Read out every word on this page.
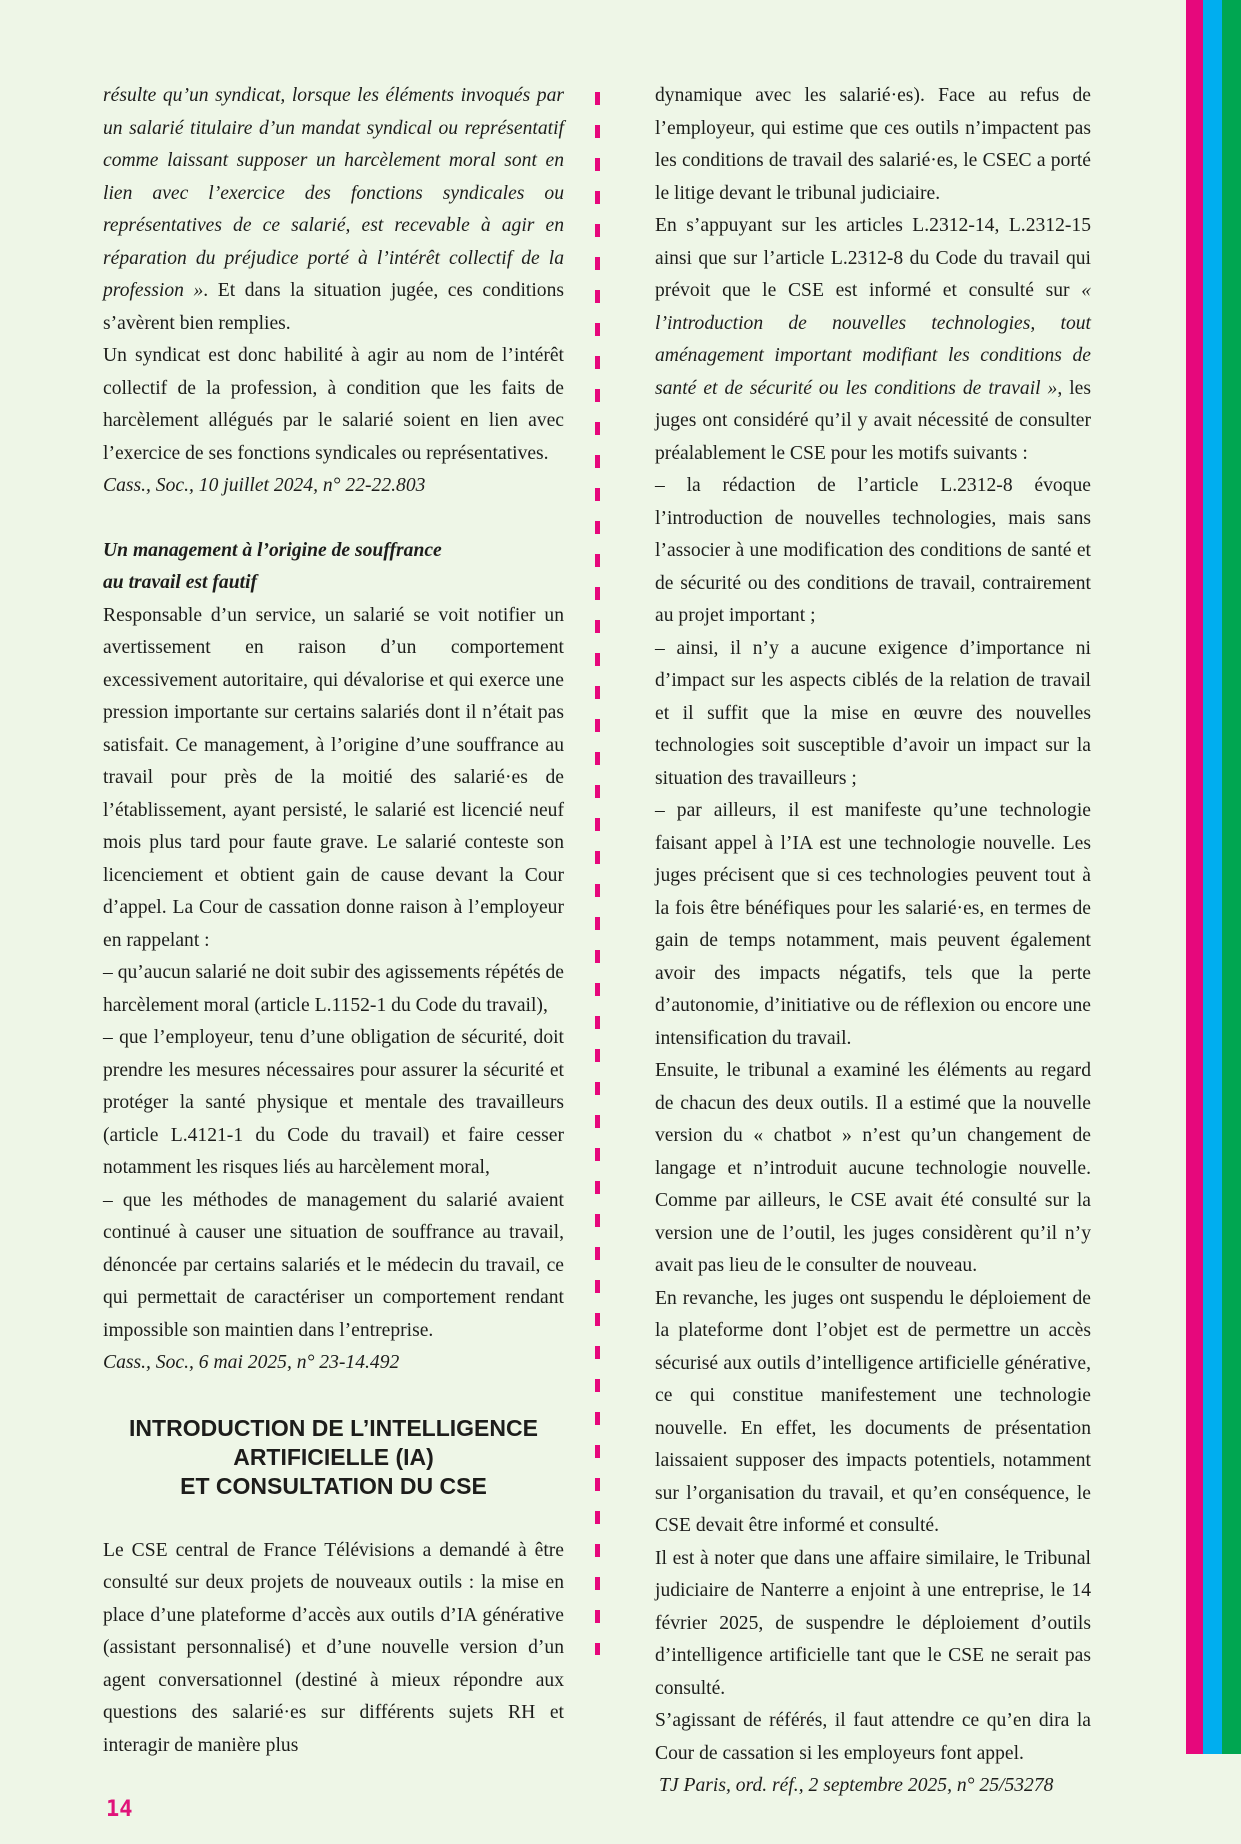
résulte qu’un syndicat, lorsque les éléments invoqués par un salarié titulaire d’un mandat syndical ou représentatif comme laissant supposer un harcèlement moral sont en lien avec l’exercice des fonctions syndicales ou représentatives de ce salarié, est recevable à agir en réparation du préjudice porté à l’intérêt collectif de la profession ». Et dans la situation jugée, ces conditions s’avèrent bien remplies.
Un syndicat est donc habilité à agir au nom de l’intérêt collectif de la profession, à condition que les faits de harcèlement allégués par le salarié soient en lien avec l’exercice de ses fonctions syndicales ou représentatives.
Cass., Soc., 10 juillet 2024, n° 22-22.803
Un management à l’origine de souffrance
au travail est fautif
Responsable d’un service, un salarié se voit notifier un avertissement en raison d’un comportement excessivement autoritaire, qui dévalorise et qui exerce une pression importante sur certains salariés dont il n’était pas satisfait. Ce management, à l’origine d’une souffrance au travail pour près de la moitié des salarié·es de l’établissement, ayant persisté, le salarié est licencié neuf mois plus tard pour faute grave. Le salarié conteste son licenciement et obtient gain de cause devant la Cour d’appel. La Cour de cassation donne raison à l’employeur en rappelant :
– qu’aucun salarié ne doit subir des agissements répétés de harcèlement moral (article L.1152-1 du Code du travail),
– que l’employeur, tenu d’une obligation de sécurité, doit prendre les mesures nécessaires pour assurer la sécurité et protéger la santé physique et mentale des travailleurs (article L.4121-1 du Code du travail) et faire cesser notamment les risques liés au harcèlement moral,
– que les méthodes de management du salarié avaient continué à causer une situation de souffrance au travail, dénoncée par certains salariés et le médecin du travail, ce qui permettait de caractériser un comportement rendant impossible son maintien dans l’entreprise.
Cass., Soc., 6 mai 2025, n° 23-14.492
INTRODUCTION DE L’INTELLIGENCE
ARTIFICIELLE (IA)
ET CONSULTATION DU CSE
Le CSE central de France Télévisions a demandé à être consulté sur deux projets de nouveaux outils : la mise en place d’une plateforme d’accès aux outils d’IA générative (assistant personnalisé) et d’une nouvelle version d’un agent conversationnel (destiné à mieux répondre aux questions des salarié·es sur différents sujets RH et interagir de manière plus
14
dynamique avec les salarié·es). Face au refus de l’employeur, qui estime que ces outils n’impactent pas les conditions de travail des salarié·es, le CSEC a porté le litige devant le tribunal judiciaire.
En s’appuyant sur les articles L.2312-14, L.2312-15 ainsi que sur l’article L.2312-8 du Code du travail qui prévoit que le CSE est informé et consulté sur « l’introduction de nouvelles technologies, tout aménagement important modifiant les conditions de santé et de sécurité ou les conditions de travail », les juges ont considéré qu’il y avait nécessité de consulter préalablement le CSE pour les motifs suivants :
– la rédaction de l’article L.2312-8 évoque l’introduction de nouvelles technologies, mais sans l’associer à une modification des conditions de santé et de sécurité ou des conditions de travail, contrairement au projet important ;
– ainsi, il n’y a aucune exigence d’importance ni d’impact sur les aspects ciblés de la relation de travail et il suffit que la mise en œuvre des nouvelles technologies soit susceptible d’avoir un impact sur la situation des travailleurs ;
– par ailleurs, il est manifeste qu’une technologie faisant appel à l’IA est une technologie nouvelle. Les juges précisent que si ces technologies peuvent tout à la fois être bénéfiques pour les salarié·es, en termes de gain de temps notamment, mais peuvent également avoir des impacts négatifs, tels que la perte d’autonomie, d’initiative ou de réflexion ou encore une intensification du travail.
Ensuite, le tribunal a examiné les éléments au regard de chacun des deux outils. Il a estimé que la nouvelle version du « chatbot » n’est qu’un changement de langage et n’introduit aucune technologie nouvelle. Comme par ailleurs, le CSE avait été consulté sur la version une de l’outil, les juges considèrent qu’il n’y avait pas lieu de le consulter de nouveau.
En revanche, les juges ont suspendu le déploiement de la plateforme dont l’objet est de permettre un accès sécurisé aux outils d’intelligence artificielle générative, ce qui constitue manifestement une technologie nouvelle. En effet, les documents de présentation laissaient supposer des impacts potentiels, notamment sur l’organisation du travail, et qu’en conséquence, le CSE devait être informé et consulté.
Il est à noter que dans une affaire similaire, le Tribunal judiciaire de Nanterre a enjoint à une entreprise, le 14 février 2025, de suspendre le déploiement d’outils d’intelligence artificielle tant que le CSE ne serait pas consulté.
S’agissant de référés, il faut attendre ce qu’en dira la Cour de cassation si les employeurs font appel.
TJ Paris, ord. réf., 2 septembre 2025, n° 25/53278
